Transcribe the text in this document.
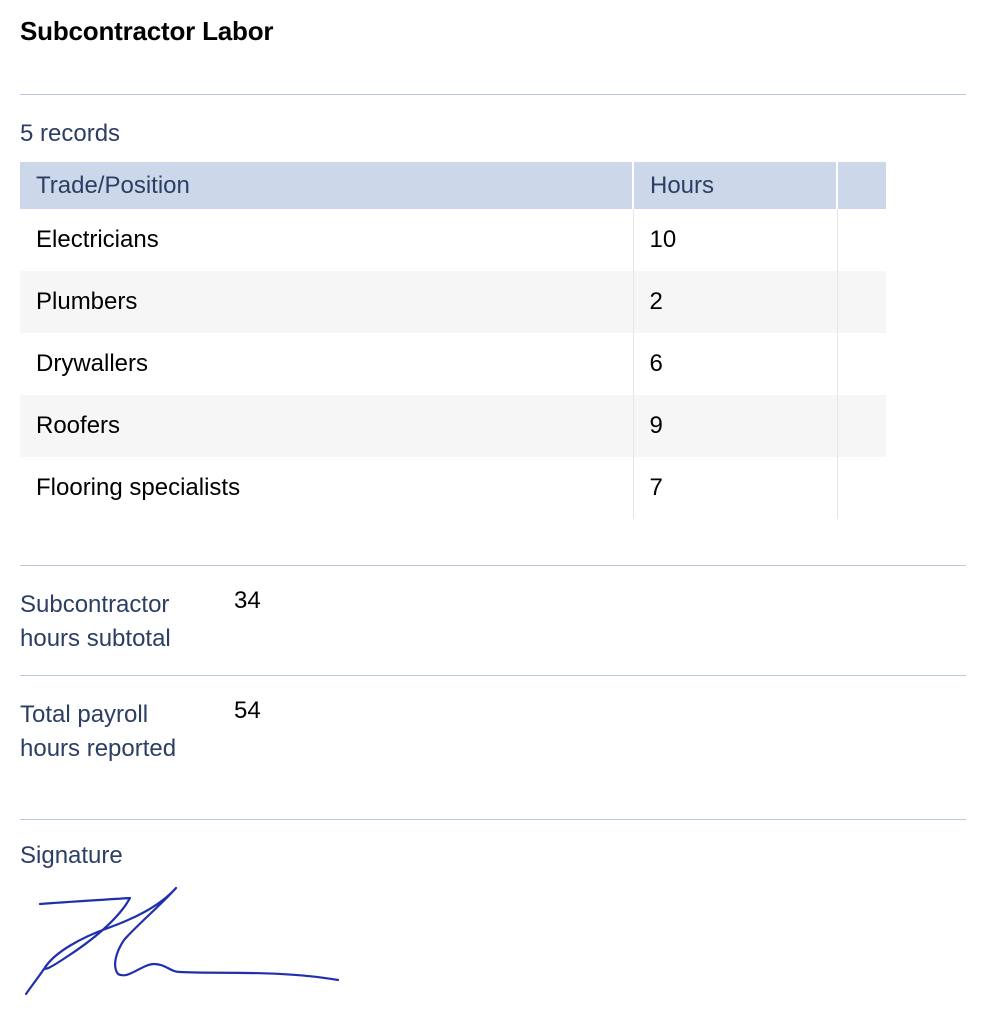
Subcontractor Labor
5 records
Trade/Position	Hours	
Electricians	10	
Plumbers	2	
Drywallers	6	
Roofers	9	
Flooring specialists	7	
Subcontractor hours subtotal
34
Total payroll hours reported
54
Signature
